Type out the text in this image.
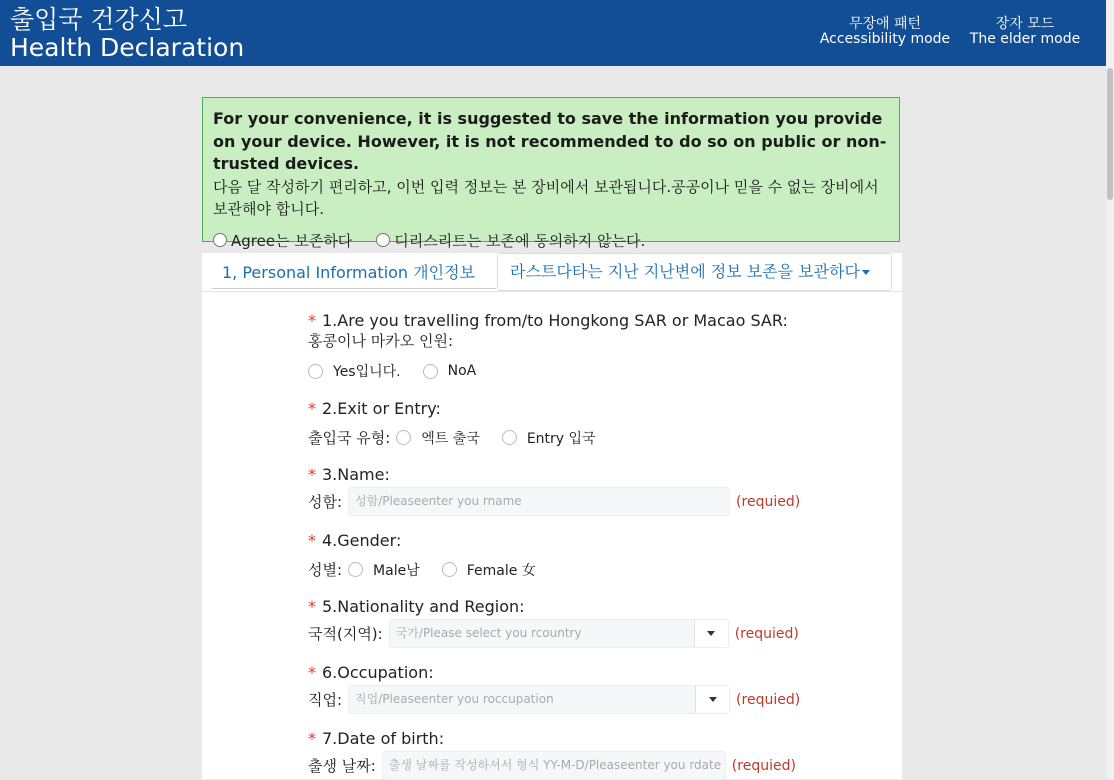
출입국 건강신고
Health Declaration
무장애 패턴
Accessibility mode
장자 모드
The elder mode
For your convenience, it is suggested to save the information you provide on your device. However, it is not recommended to do so on public or non-trusted devices.
다음 달 작성하기 편리하고, 이번 입력 정보는 본 장비에서 보관됩니다.공공이나 믿을 수 없는 장비에서 보관해야 합니다.
Agree는 보존하다	디리스리트는 보존에 동의하지 않는다.
1, Personal Information 개인정보	라스트다타는 지난 지난변에 정보 보존을 보관하다
* 1.Are you travelling from/to Hongkong SAR or Macao SAR:
홍콩이나 마카오 인원:
Yes입니다.	NoA
* 2.Exit or Entry:
출입국 유형: 엑트 출국	Entry 입국
* 3.Name:
성함:	성함/Pleaseenter you rname	(requied)
* 4.Gender:
성별: Male남	Female 女
* 5.Nationality and Region:
국적(지역):	국가/Please select you rcountry	(requied)
* 6.Occupation:
직업:	직업/Pleaseenter you roccupation	(requied)
* 7.Date of birth:
출생 날짜:	출생 날짜를 작성하셔서 형식 YY-M-D/Pleaseenter you rdate (requied)
